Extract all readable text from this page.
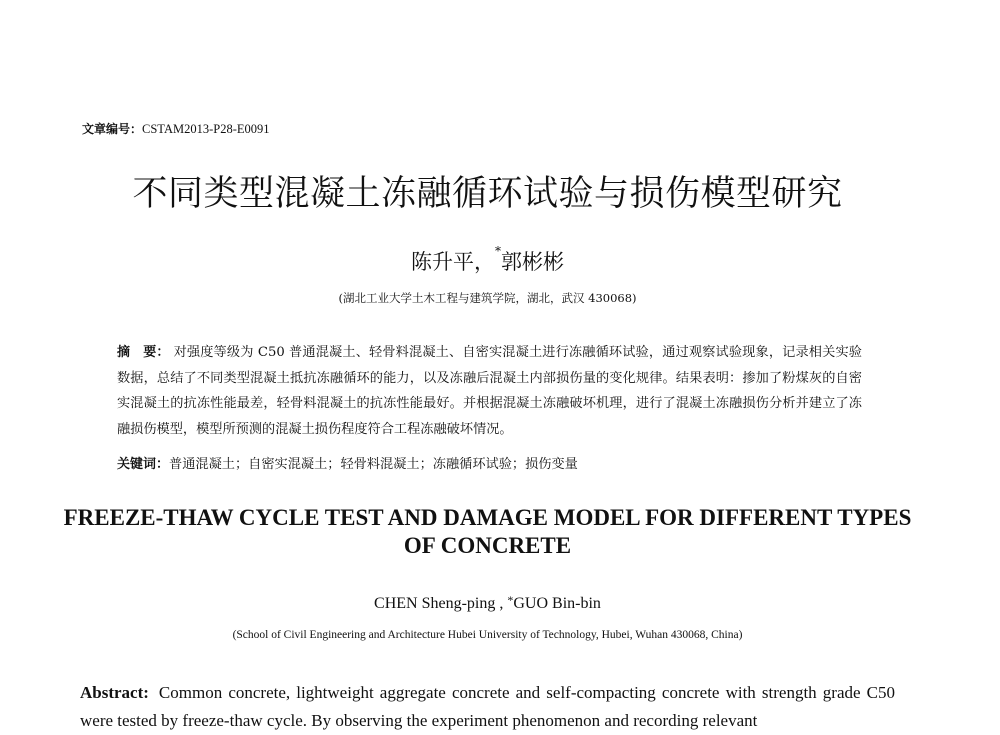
文章编号：CSTAM2013-P28-E0091
不同类型混凝土冻融循环试验与损伤模型研究
陈升平，*郭彬彬
(湖北工业大学土木工程与建筑学院，湖北，武汉 430068)
摘　要： 对强度等级为 C50 普通混凝土、轻骨料混凝土、自密实混凝土进行冻融循环试验，通过观察试验现象，记录相关实验数据，总结了不同类型混凝土抵抗冻融循环的能力，以及冻融后混凝土内部损伤量的变化规律。结果表明：掺加了粉煤灰的自密实混凝土的抗冻性能最差，轻骨料混凝土的抗冻性能最好。并根据混凝土冻融破坏机理，进行了混凝土冻融损伤分析并建立了冻融损伤模型，模型所预测的混凝土损伤程度符合工程冻融破坏情况。
关键词：普通混凝土；自密实混凝土；轻骨料混凝土；冻融循环试验；损伤变量
FREEZE-THAW CYCLE TEST AND DAMAGE MODEL FOR DIFFERENT TYPES OF CONCRETE
CHEN Sheng-ping , *GUO Bin-bin
(School of Civil Engineering and Architecture Hubei University of Technology, Hubei, Wuhan 430068, China)
Abstract: Common concrete, lightweight aggregate concrete and self-compacting concrete with strength grade C50 were tested by freeze-thaw cycle. By observing the experiment phenomenon and recording relevant
